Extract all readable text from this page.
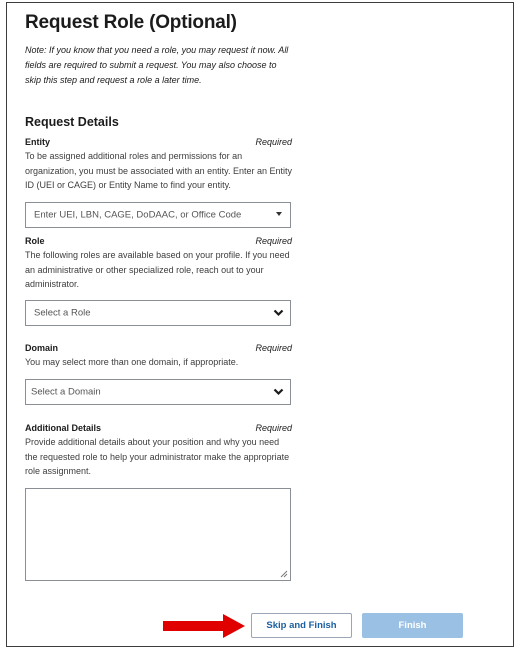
Request Role (Optional)
Note: If you know that you need a role, you may request it now. All fields are required to submit a request. You may also choose to skip this step and request a role a later time.
Request Details
Entity	Required
To be assigned additional roles and permissions for an organization, you must be associated with an entity. Enter an Entity ID (UEI or CAGE) or Entity Name to find your entity.
Enter UEI, LBN, CAGE, DoDAAC, or Office Code
Role	Required
The following roles are available based on your profile. If you need an administrative or other specialized role, reach out to your administrator.
Select a Role
Domain	Required
You may select more than one domain, if appropriate.
Select a Domain
Additional Details	Required
Provide additional details about your position and why you need the requested role to help your administrator make the appropriate role assignment.
Skip and Finish	Finish
